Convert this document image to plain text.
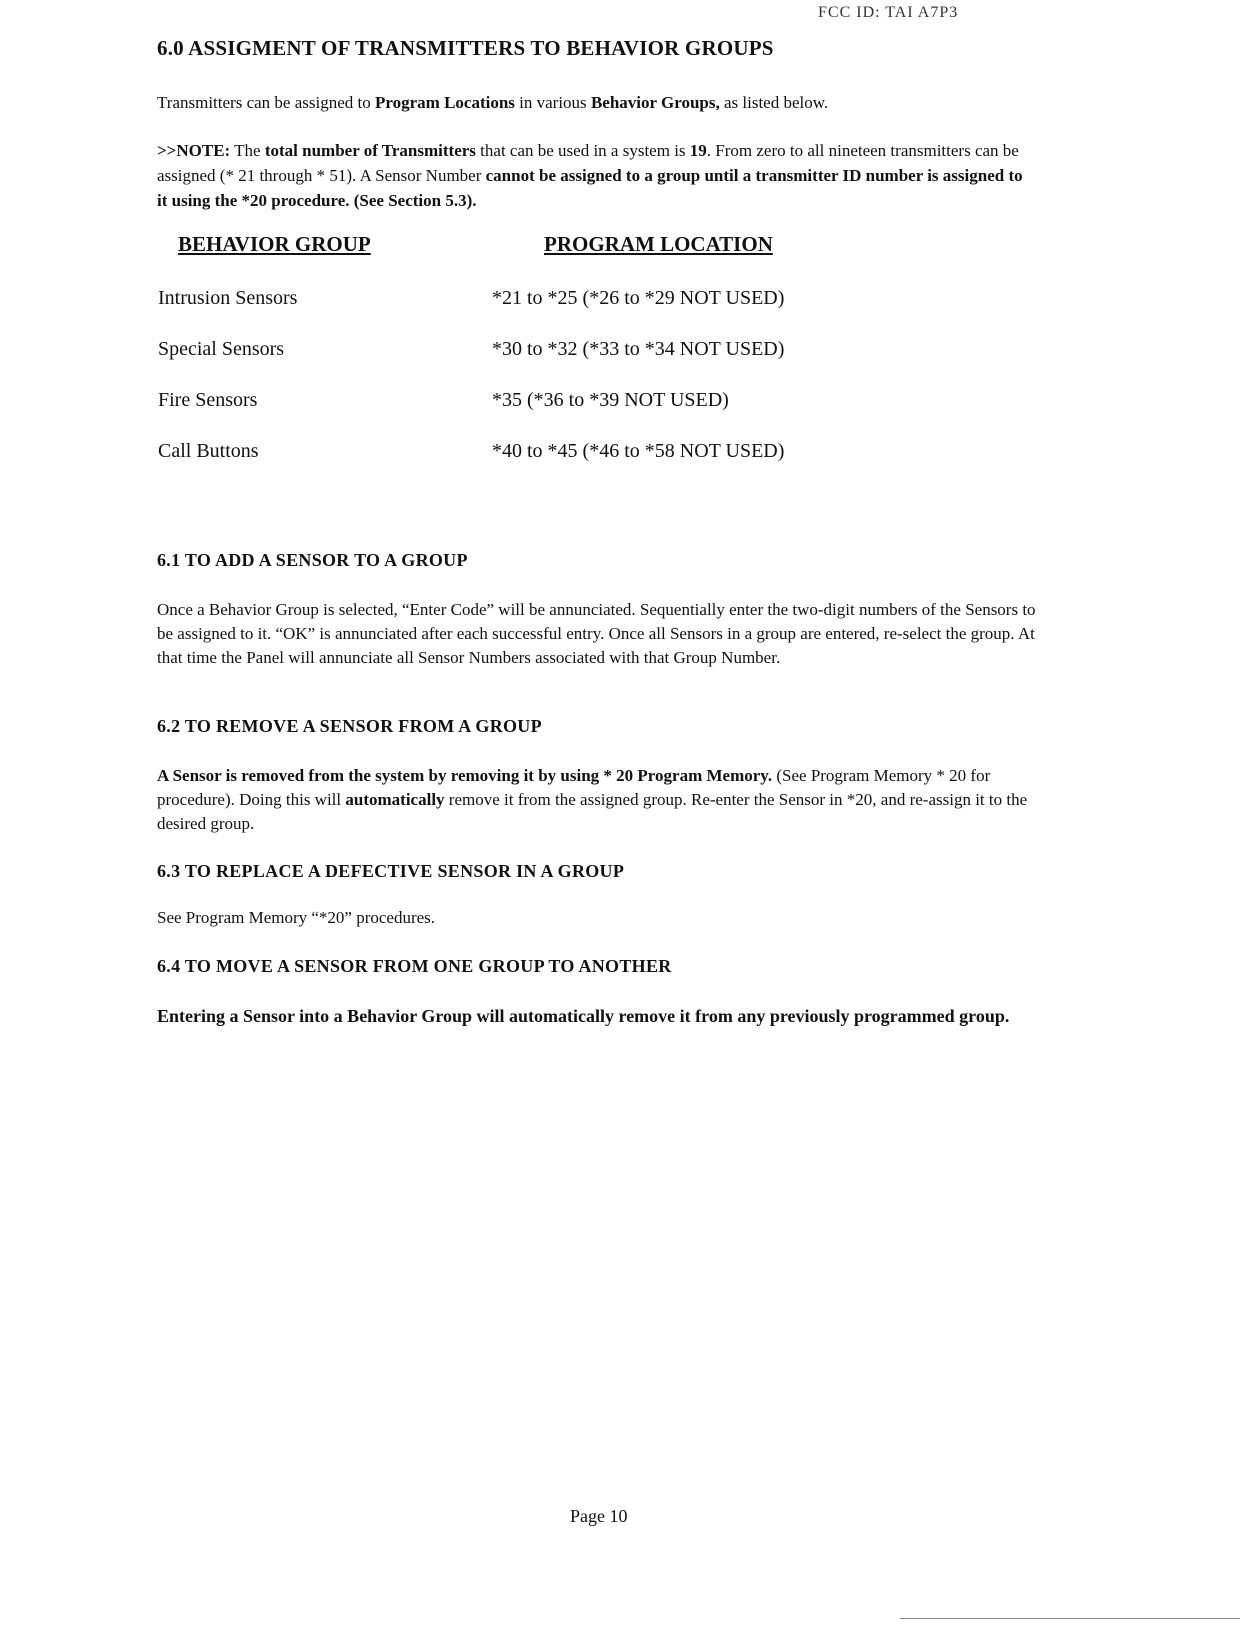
FCC ID: TAI A7P3
6.0 ASSIGMENT OF TRANSMITTERS TO BEHAVIOR GROUPS
Transmitters can be assigned to Program Locations in various Behavior Groups, as listed below.
>>NOTE: The total number of Transmitters that can be used in a system is 19. From zero to all nineteen transmitters can be assigned (* 21 through * 51). A Sensor Number cannot be assigned to a group until a transmitter ID number is assigned to it using the *20 procedure. (See Section 5.3).
BEHAVIOR GROUP	PROGRAM LOCATION
Intrusion Sensors	*21 to *25 (*26 to *29 NOT USED)
Special Sensors	*30 to *32 (*33 to *34 NOT USED)
Fire Sensors	*35 (*36 to *39 NOT USED)
Call Buttons	*40 to *45 (*46 to *58 NOT USED)
6.1 TO ADD A SENSOR TO A GROUP
Once a Behavior Group is selected, “Enter Code” will be annunciated. Sequentially enter the two-digit numbers of the Sensors to be assigned to it. “OK” is annunciated after each successful entry. Once all Sensors in a group are entered, re-select the group. At that time the Panel will annunciate all Sensor Numbers associated with that Group Number.
6.2 TO REMOVE A SENSOR FROM A GROUP
A Sensor is removed from the system by removing it by using * 20 Program Memory. (See Program Memory * 20 for procedure). Doing this will automatically remove it from the assigned group. Re-enter the Sensor in *20, and re-assign it to the desired group.
6.3 TO REPLACE A DEFECTIVE SENSOR IN A GROUP
See Program Memory “*20” procedures.
6.4 TO MOVE A SENSOR FROM ONE GROUP TO ANOTHER
Entering a Sensor into a Behavior Group will automatically remove it from any previously programmed group.
Page 10
